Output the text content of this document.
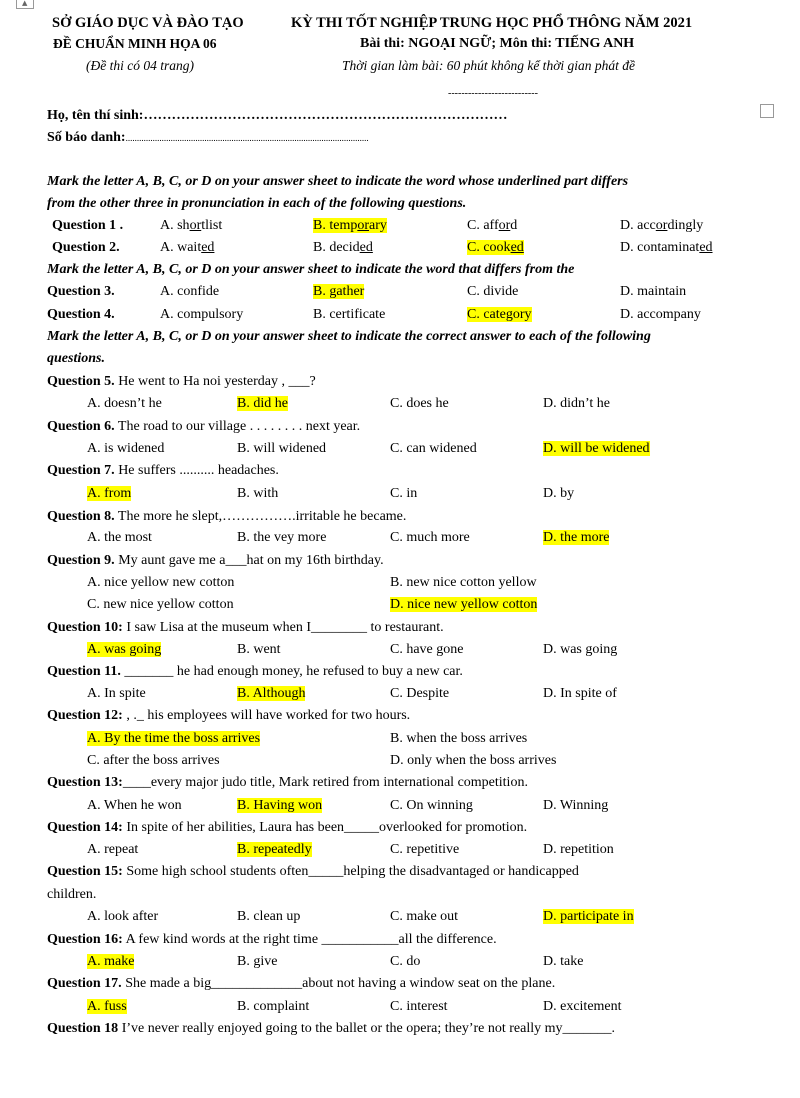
▲
SỞ GIÁO DỤC VÀ ĐÀO TẠO
ĐỀ CHUẨN MINH HỌA 06
(Đề thi có 04 trang)
KỲ THI TỐT NGHIỆP TRUNG HỌC PHỔ THÔNG NĂM 2021
Bài thi: NGOẠI NGỮ; Môn thi: TIẾNG ANH
Thời gian làm bài: 60 phút không kể thời gian phát đề
---------------------------
Họ, tên thí sinh:……………………………………………………………………
Số báo danh:............................................................................................................
Mark the letter A, B, C, or D on your answer sheet to indicate the word whose underlined part differs
from the other three in pronunciation in each of the following questions.
Question 1 .	A. shortlist	B. temporary	C. afford	D. accordingly
Question 2.	A. waited	B. decided	C. cooked	D. contaminated
Mark the letter A, B, C, or D on your answer sheet to indicate the word that differs from the
Question 3.	A. confide	B. gather	C. divide	D. maintain
Question 4.	A. compulsory	B. certificate	C. category	D. accompany
Mark the letter A, B, C, or D on your answer sheet to indicate the correct answer to each of the following
questions.
Question 5. He went to Ha noi yesterday , ___?
A. doesn’t he	B. did he	C. does he	D. didn’t he
Question 6. The road to our village . . . . . . . . next year.
A. is widened	B. will widened	C. can widened	D. will be widened
Question 7. He suffers .......... headaches.
A. from	B. with	C. in	D. by
Question 8. The more he slept,…………….irritable he became.
A. the most	B. the vey more	C. much more	D. the more
Question 9. My aunt gave me a___hat on my 16th birthday.
A. nice yellow new cotton	B. new nice cotton yellow
C. new nice yellow cotton	D. nice new yellow cotton
Question 10: I saw Lisa at the museum when I________ to restaurant.
A. was going	B. went	C. have gone	D. was going
Question 11. _______ he had enough money, he refused to buy a new car.
A. In spite	B. Although	C. Despite	D. In spite of
Question 12: , ._ his employees will have worked for two hours.
A. By the time the boss arrives	B. when the boss arrives
C. after the boss arrives	D. only when the boss arrives
Question 13:____every major judo title, Mark retired from international competition.
A. When he won	B. Having won	C. On winning	D. Winning
Question 14: In spite of her abilities, Laura has been_____overlooked for promotion.
A. repeat	B. repeatedly	C. repetitive	D. repetition
Question 15: Some high school students often_____helping the disadvantaged or handicapped
children.
A. look after	B. clean up	C. make out	D. participate in
Question 16: A few kind words at the right time ___________all the difference.
A. make	B. give	C. do	D. take
Question 17. She made a big_____________about not having a window seat on the plane.
A. fuss	B. complaint	C. interest	D. excitement
Question 18 I’ve never really enjoyed going to the ballet or the opera; they’re not really my_______.
